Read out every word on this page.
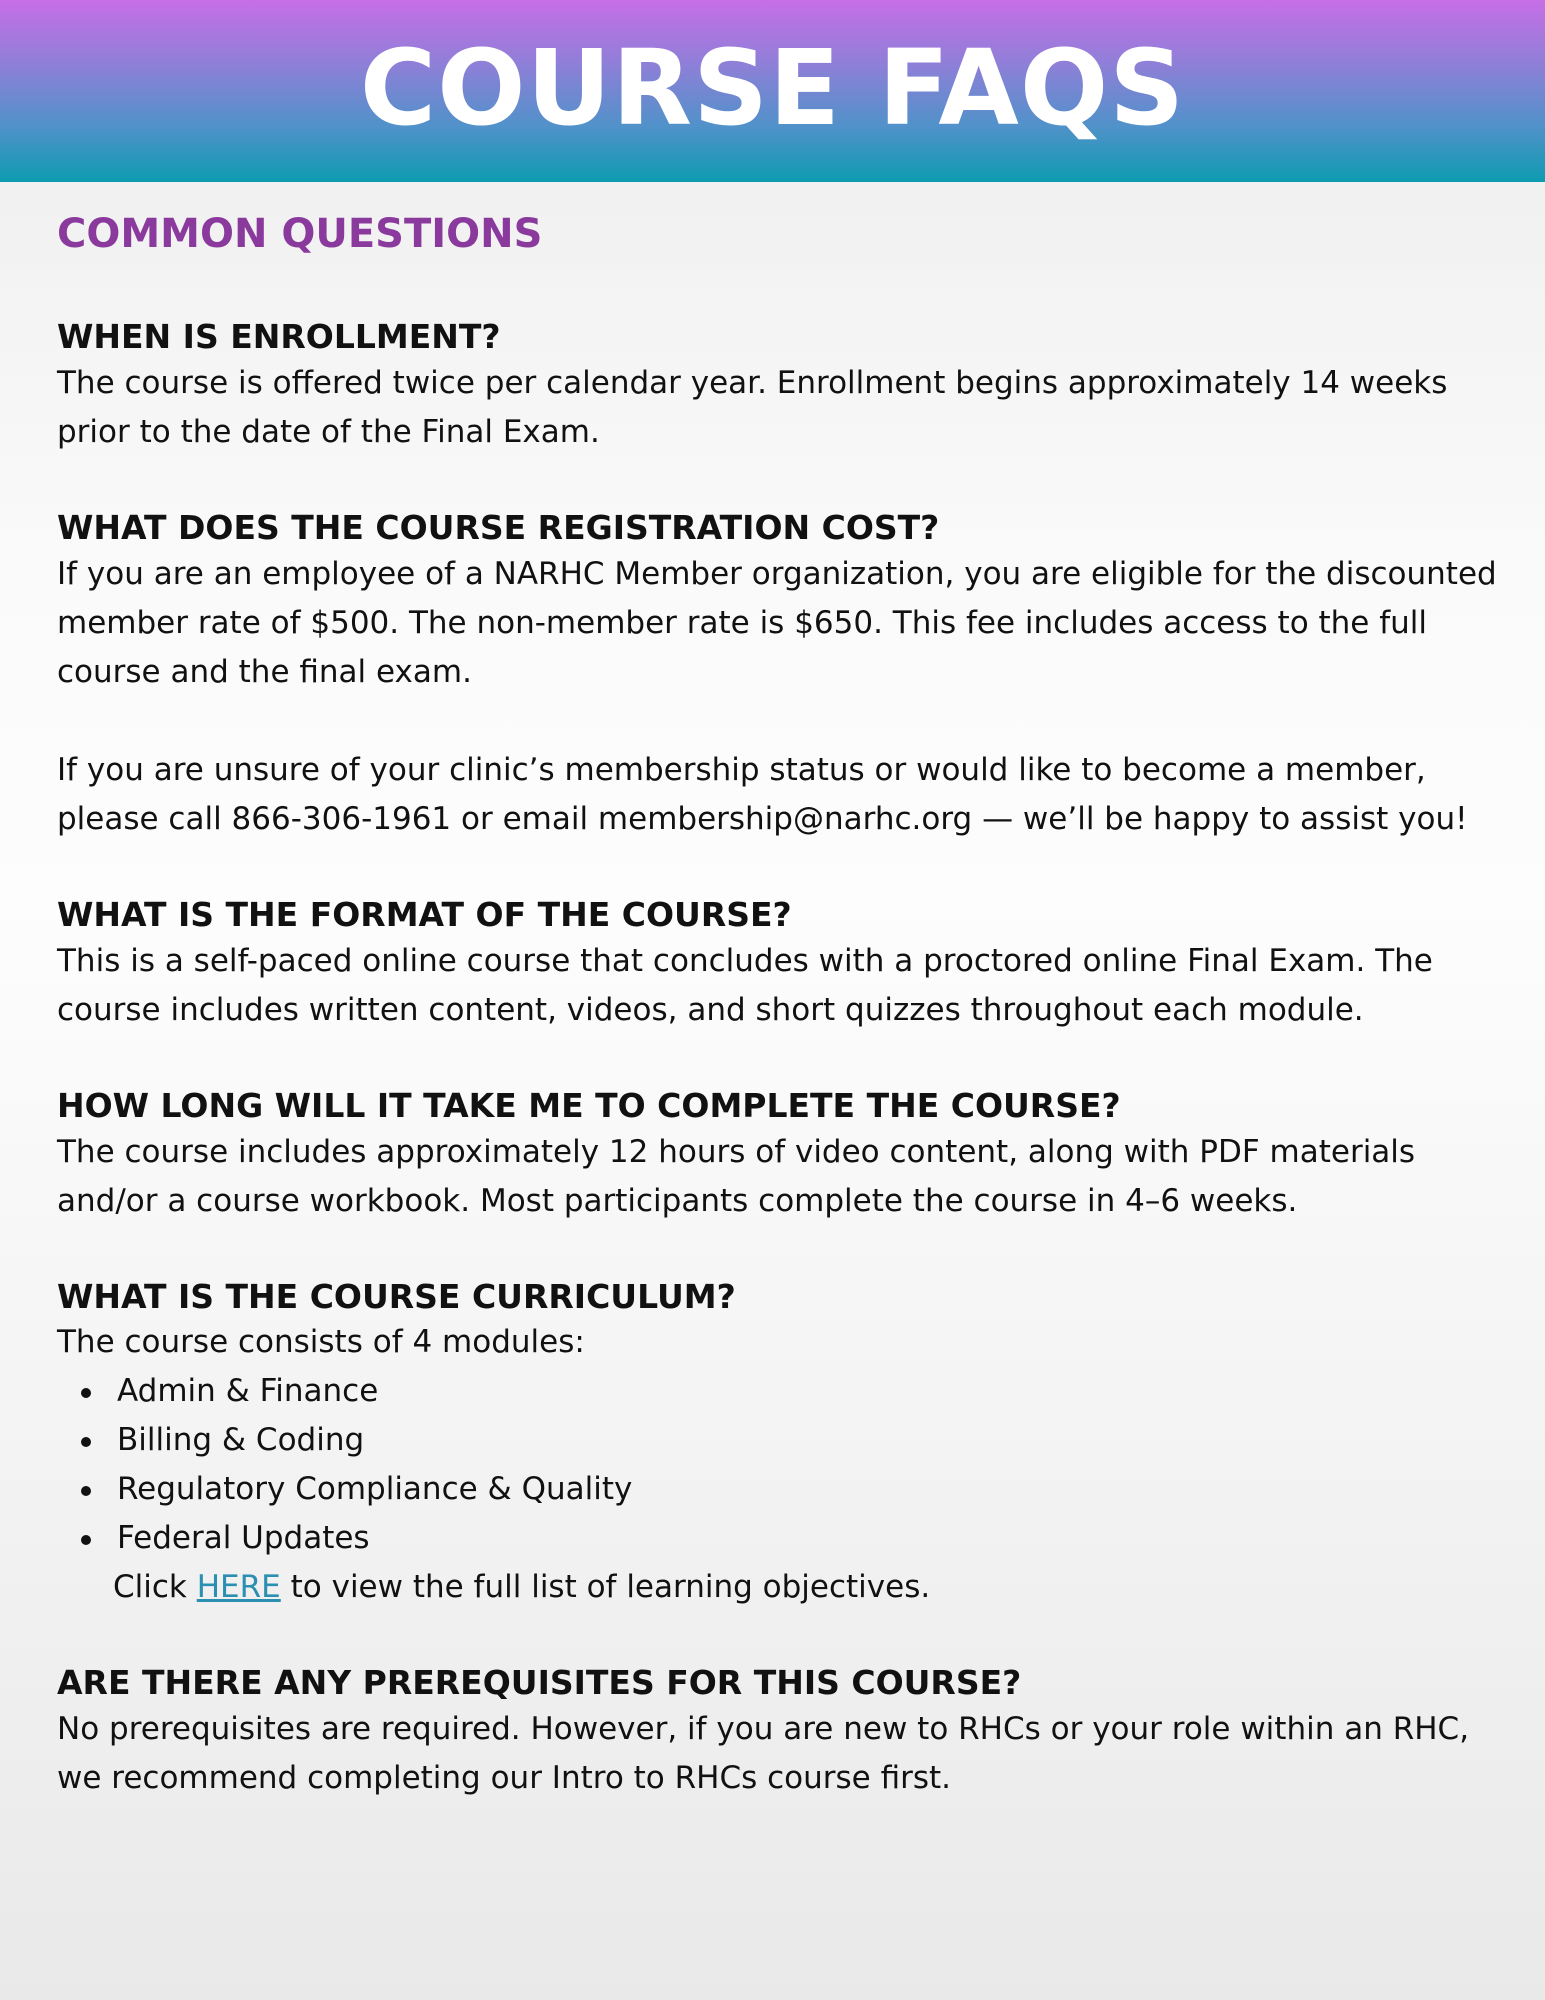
COURSE FAQS
COMMON QUESTIONS

WHEN IS ENROLLMENT?

The course is offered twice per calendar year. Enrollment begins approximately 14 weeks prior to the date of the Final Exam.

WHAT DOES THE COURSE REGISTRATION COST?

If you are an employee of a NARHC Member organization, you are eligible for the discounted member rate of $500. The non-member rate is $650. This fee includes access to the full course and the final exam.

If you are unsure of your clinic’s membership status or would like to become a member, please call 866-306-1961 or email membership@narhc.org — we’ll be happy to assist you!

WHAT IS THE FORMAT OF THE COURSE?

This is a self-paced online course that concludes with a proctored online Final Exam. The course includes written content, videos, and short quizzes throughout each module.

HOW LONG WILL IT TAKE ME TO COMPLETE THE COURSE?

The course includes approximately 12 hours of video content, along with PDF materials and/or a course workbook. Most participants complete the course in 4–6 weeks.

WHAT IS THE COURSE CURRICULUM?

The course consists of 4 modules:

Admin & Finance
Billing & Coding
Regulatory Compliance & Quality
Federal Updates

Click HERE to view the full list of learning objectives.

ARE THERE ANY PREREQUISITES FOR THIS COURSE?

No prerequisites are required. However, if you are new to RHCs or your role within an RHC, we recommend completing our Intro to RHCs course first.
